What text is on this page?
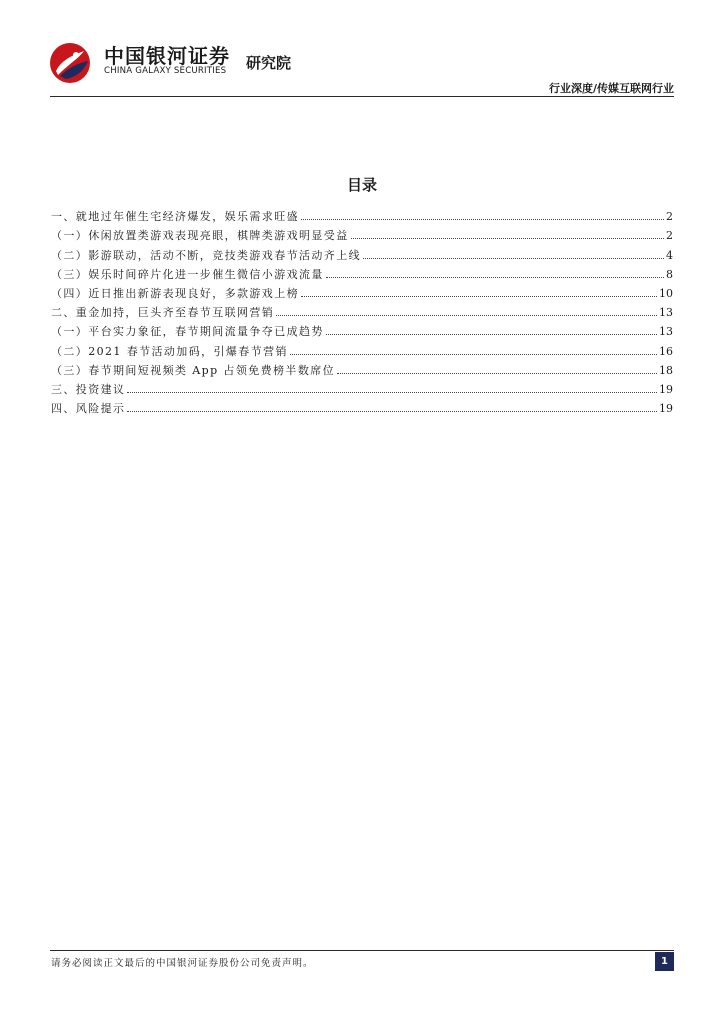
中国银河证券
CHINA GALAXY SECURITIES 研究院
行业深度/传媒互联网行业
目录
一、就地过年催生宅经济爆发，娱乐需求旺盛	2
（一）休闲放置类游戏表现亮眼，棋牌类游戏明显受益	2
（二）影游联动，活动不断，竞技类游戏春节活动齐上线	4
（三）娱乐时间碎片化进一步催生微信小游戏流量	8
（四）近日推出新游表现良好，多款游戏上榜	10
二、重金加持，巨头齐至春节互联网营销	13
（一）平台实力象征，春节期间流量争夺已成趋势	13
（二）2021 春节活动加码，引爆春节营销	16
（三）春节期间短视频类 App 占领免费榜半数席位	18
三、投资建议	19
四、风险提示	19
请务必阅读正文最后的中国银河证券股份公司免责声明。	1
